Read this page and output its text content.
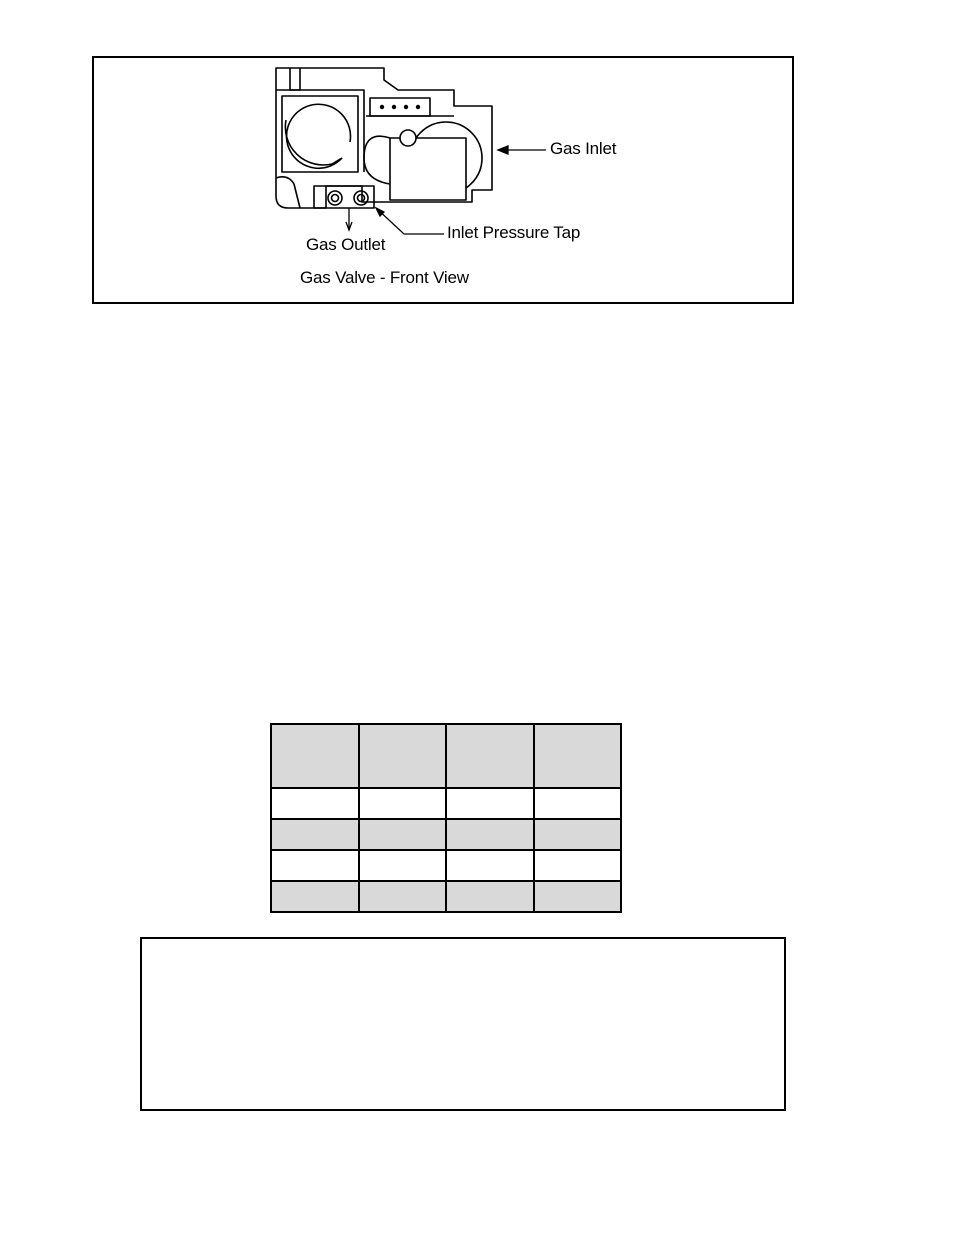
Gas Inlet
Gas Outlet
Inlet Pressure Tap
Gas Valve - Front View
